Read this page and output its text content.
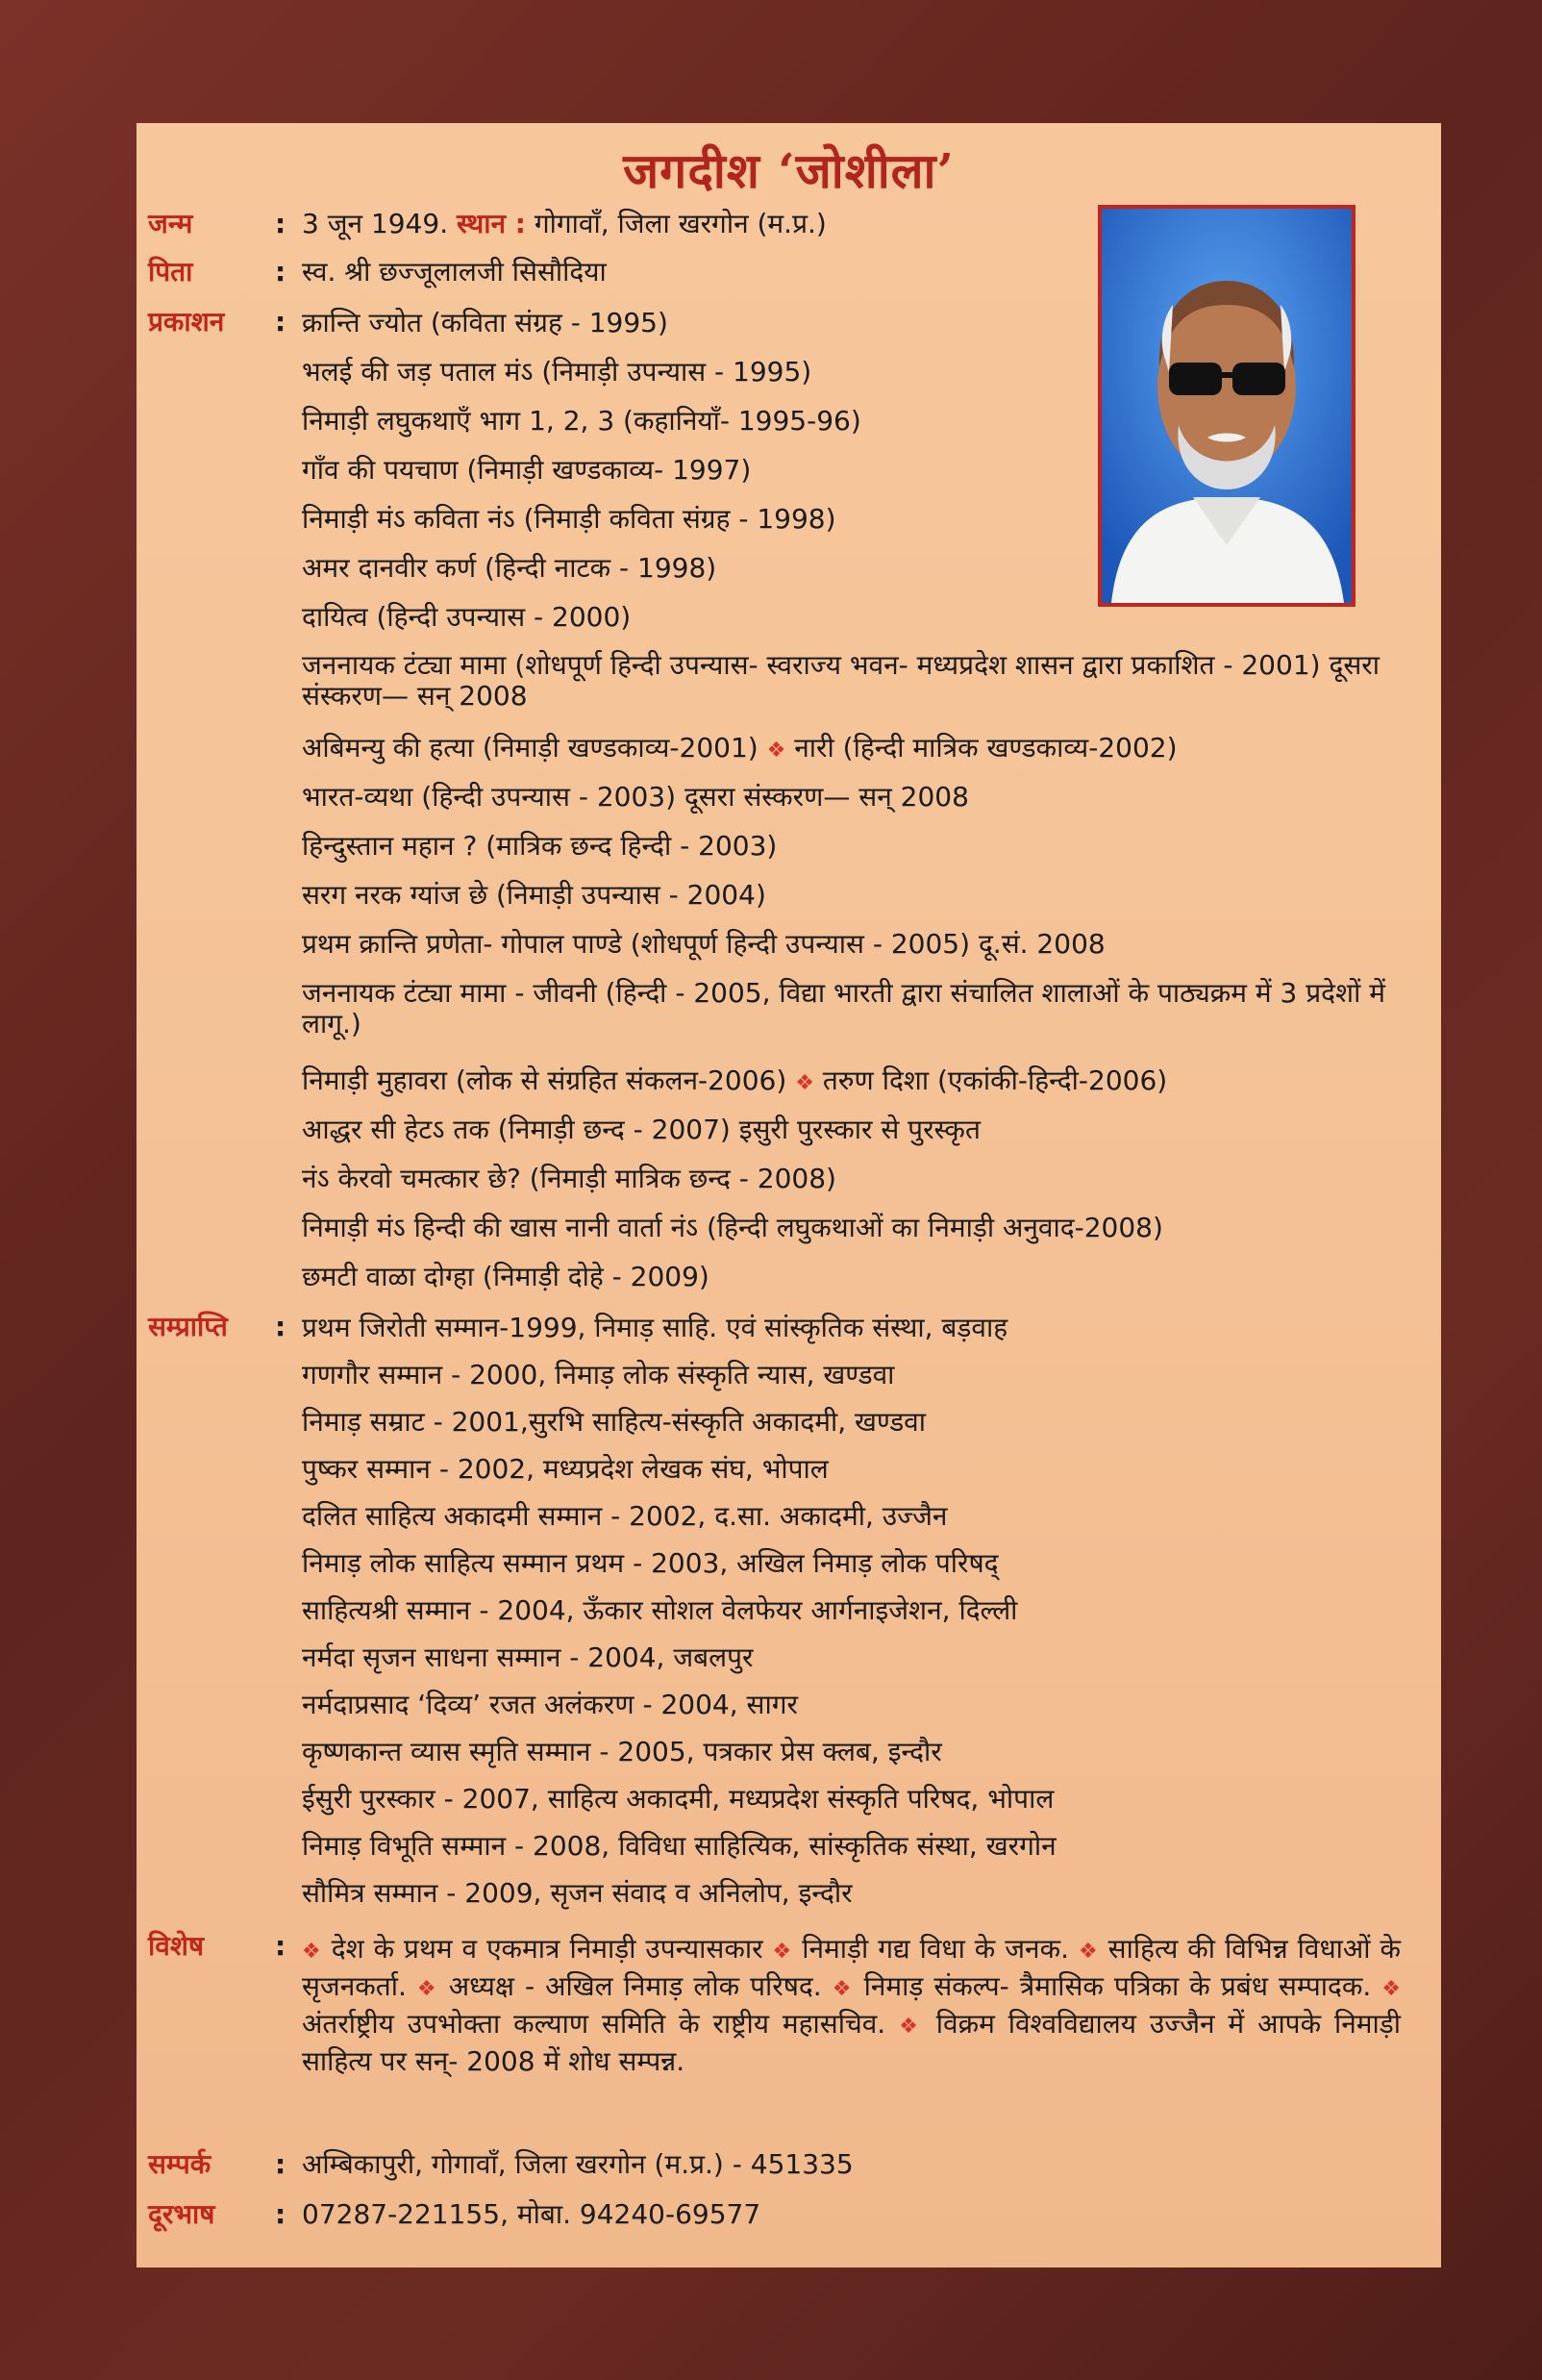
जगदीश ‘जोशीला’
जन्म	: 3 जून 1949. स्थान : गोगावाँ, जिला खरगोन (म.प्र.)
पिता	: स्व. श्री छज्जूलालजी सिसौदिया
प्रकाशन	: क्रान्ति ज्योत (कविता संग्रह - 1995)
भलई की जड़ पताल मंऽ (निमाड़ी उपन्यास - 1995)
निमाड़ी लघुकथाएँ भाग 1, 2, 3 (कहानियाँ- 1995-96)
गाँव की पयचाण (निमाड़ी खण्डकाव्य- 1997)
निमाड़ी मंऽ कविता नंऽ (निमाड़ी कविता संग्रह - 1998)
अमर दानवीर कर्ण (हिन्दी नाटक - 1998)
दायित्व (हिन्दी उपन्यास - 2000)
जननायक टंट्या मामा (शोधपूर्ण हिन्दी उपन्यास- स्वराज्य भवन- मध्यप्रदेश शासन द्वारा प्रकाशित - 2001) दूसरा संस्करण— सन् 2008
अबिमन्यु की हत्या (निमाड़ी खण्डकाव्य-2001) ❖ नारी (हिन्दी मात्रिक खण्डकाव्य-2002)
भारत-व्यथा (हिन्दी उपन्यास - 2003) दूसरा संस्करण— सन् 2008
हिन्दुस्तान महान ? (मात्रिक छन्द हिन्दी - 2003)
सरग नरक ग्यांज छे (निमाड़ी उपन्यास - 2004)
प्रथम क्रान्ति प्रणेता- गोपाल पाण्डे (शोधपूर्ण हिन्दी उपन्यास - 2005) दू.सं. 2008
जननायक टंट्या मामा - जीवनी (हिन्दी - 2005, विद्या भारती द्वारा संचालित शालाओं के पाठ्यक्रम में 3 प्रदेशों में लागू.)
निमाड़ी मुहावरा (लोक से संग्रहित संकलन-2006) ❖ तरुण दिशा (एकांकी-हिन्दी-2006)
आद्धर सी हेटऽ तक (निमाड़ी छन्द - 2007) इसुरी पुरस्कार से पुरस्कृत
नंऽ केरवो चमत्कार छे? (निमाड़ी मात्रिक छन्द - 2008)
निमाड़ी मंऽ हिन्दी की खास नानी वार्ता नंऽ (हिन्दी लघुकथाओं का निमाड़ी अनुवाद-2008)
छमटी वाळा दोग्हा (निमाड़ी दोहे - 2009)
सम्प्राप्ति	: प्रथम जिरोती सम्मान-1999, निमाड़ साहि. एवं सांस्कृतिक संस्था, बड़वाह
गणगौर सम्मान - 2000, निमाड़ लोक संस्कृति न्यास, खण्डवा
निमाड़ सम्राट - 2001,सुरभि साहित्य-संस्कृति अकादमी, खण्डवा
पुष्कर सम्मान - 2002, मध्यप्रदेश लेखक संघ, भोपाल
दलित साहित्य अकादमी सम्मान - 2002, द.सा. अकादमी, उज्जैन
निमाड़ लोक साहित्य सम्मान प्रथम - 2003, अखिल निमाड़ लोक परिषद्
साहित्यश्री सम्मान - 2004, ऊँकार सोशल वेलफेयर आर्गनाइजेशन, दिल्ली
नर्मदा सृजन साधना सम्मान - 2004, जबलपुर
नर्मदाप्रसाद ‘दिव्य’ रजत अलंकरण - 2004, सागर
कृष्णकान्त व्यास स्मृति सम्मान - 2005, पत्रकार प्रेस क्लब, इन्दौर
ईसुरी पुरस्कार - 2007, साहित्य अकादमी, मध्यप्रदेश संस्कृति परिषद, भोपाल
निमाड़ विभूति सम्मान - 2008, विविधा साहित्यिक, सांस्कृतिक संस्था, खरगोन
सौमित्र सम्मान - 2009, सृजन संवाद व अनिलोप, इन्दौर
विशेष	: ❖ देश के प्रथम व एकमात्र निमाड़ी उपन्यासकार ❖ निमाड़ी गद्य विधा के जनक. ❖ साहित्य की विभिन्न विधाओं के सृजनकर्ता. ❖ अध्यक्ष - अखिल निमाड़ लोक परिषद. ❖ निमाड़ संकल्प- त्रैमासिक पत्रिका के प्रबंध सम्पादक. ❖ अंतर्राष्ट्रीय उपभोक्ता कल्याण समिति के राष्ट्रीय महासचिव. ❖ विक्रम विश्वविद्यालय उज्जैन में आपके निमाड़ी साहित्य पर सन्- 2008 में शोध सम्पन्न.
सम्पर्क	: अम्बिकापुरी, गोगावाँ, जिला खरगोन (म.प्र.) - 451335
दूरभाष	: 07287-221155, मोबा. 94240-69577
